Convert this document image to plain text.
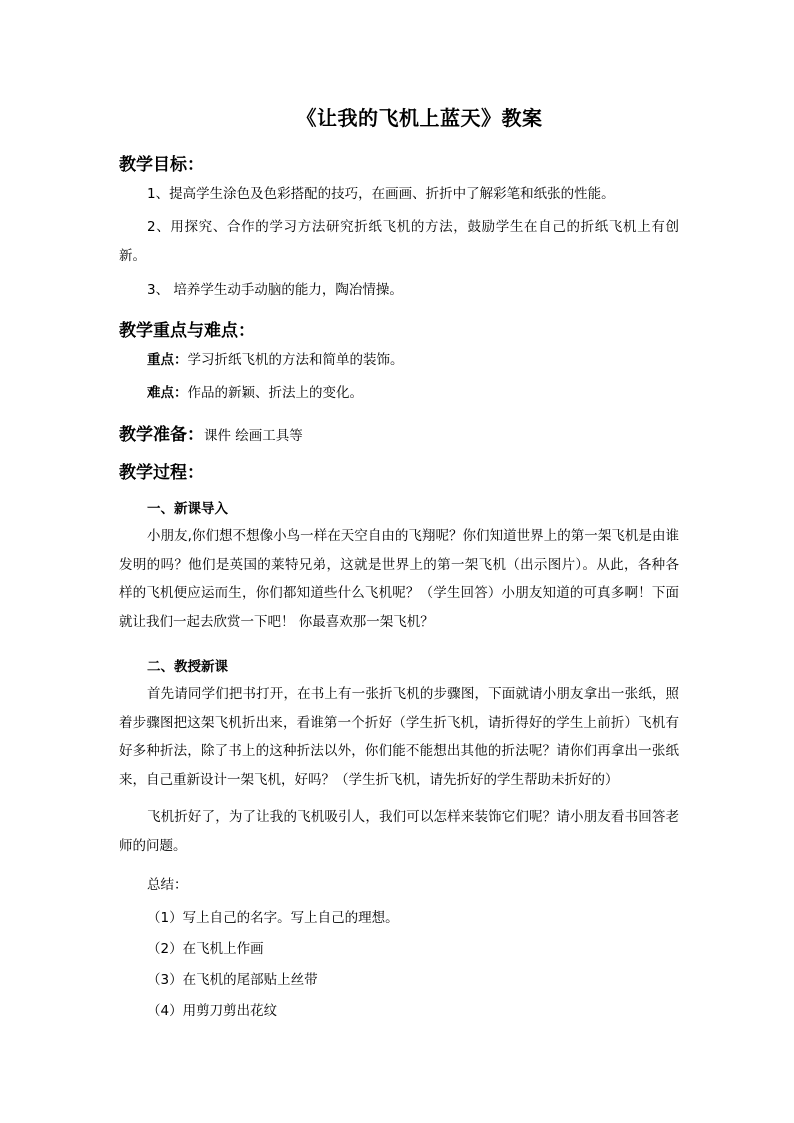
《让我的飞机上蓝天》教案
教学目标：

1、提高学生涂色及色彩搭配的技巧，在画画、折折中了解彩笔和纸张的性能。

2、用探究、合作的学习方法研究折纸飞机的方法，鼓励学生在自己的折纸飞机上有创新。

3、 培养学生动手动脑的能力，陶冶情操。

教学重点与难点：

重点：学习折纸飞机的方法和简单的装饰。

难点：作品的新颖、折法上的变化。

教学准备：课件 绘画工具等
教学过程：
一、新课导入

小朋友,你们想不想像小鸟一样在天空自由的飞翔呢？你们知道世界上的第一架飞机是由谁发明的吗？他们是英国的莱特兄弟，这就是世界上的第一架飞机（出示图片）。从此，各种各样的飞机便应运而生，你们都知道些什么飞机呢？（学生回答）小朋友知道的可真多啊！下面就让我们一起去欣赏一下吧！ 你最喜欢那一架飞机？

二、教授新课

首先请同学们把书打开，在书上有一张折飞机的步骤图，下面就请小朋友拿出一张纸，照着步骤图把这架飞机折出来，看谁第一个折好（学生折飞机，请折得好的学生上前折）飞机有好多种折法，除了书上的这种折法以外，你们能不能想出其他的折法呢？请你们再拿出一张纸来，自己重新设计一架飞机，好吗？（学生折飞机，请先折好的学生帮助未折好的）

飞机折好了，为了让我的飞机吸引人，我们可以怎样来装饰它们呢？请小朋友看书回答老师的问题。

总结：
（1）写上自己的名字。写上自己的理想。
（2）在飞机上作画
（3）在飞机的尾部贴上丝带
（4）用剪刀剪出花纹
